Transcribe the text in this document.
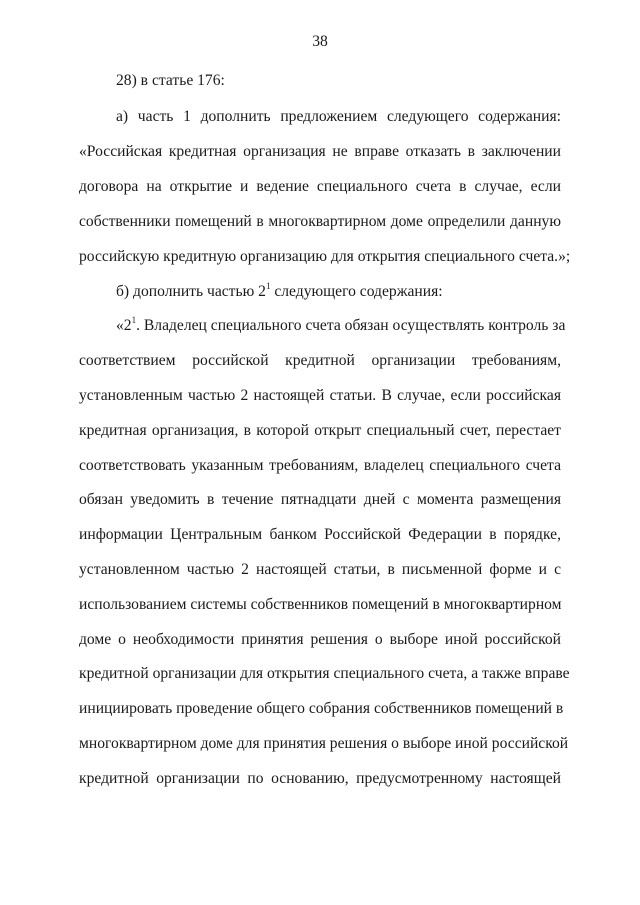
38
28) в статье 176:
а) часть 1 дополнить предложением следующего содержания:
«Российская кредитная организация не вправе отказать в заключении
договора на открытие и ведение специального счета в случае, если
собственники помещений в многоквартирном доме определили данную
российскую кредитную организацию для открытия специального счета.»;
б) дополнить частью $2^1$ следующего содержания:
«$2^1$. Владелец специального счета обязан осуществлять контроль за
соответствием российской кредитной организации требованиям,
установленным частью 2 настоящей статьи. В случае, если российская
кредитная организация, в которой открыт специальный счет, перестает
соответствовать указанным требованиям, владелец специального счета
обязан уведомить в течение пятнадцати дней с момента размещения
информации Центральным банком Российской Федерации в порядке,
установленном частью 2 настоящей статьи, в письменной форме и с
использованием системы собственников помещений в многоквартирном
доме о необходимости принятия решения о выборе иной российской
кредитной организации для открытия специального счета, а также вправе
инициировать проведение общего собрания собственников помещений в
многоквартирном доме для принятия решения о выборе иной российской
кредитной организации по основанию, предусмотренному настоящей
